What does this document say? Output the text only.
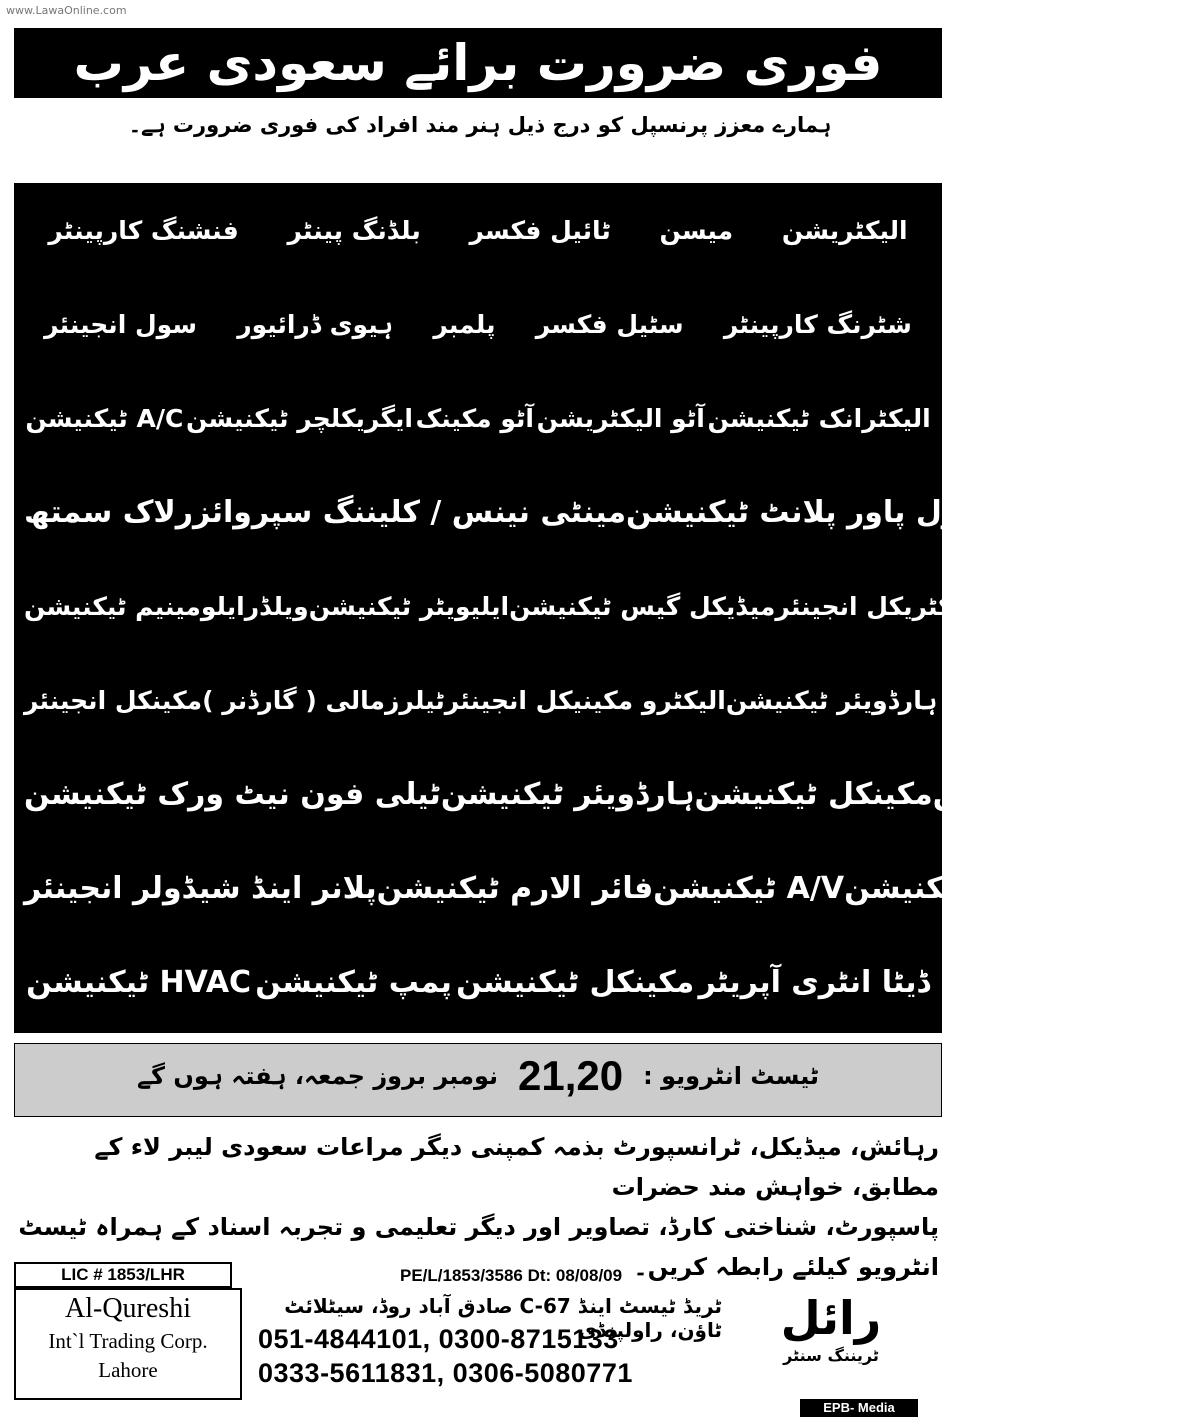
www.LawaOnline.com
فوری ضرورت برائے سعودی عرب
ہمارے معزز پرنسپل کو درج ذیل ہنر مند افراد کی فوری ضرورت ہے۔
الیکٹریشن
میسن
ٹائیل فکسر
بلڈنگ پینٹر
فنشنگ کارپینٹر
شٹرنگ کارپینٹر
سٹیل فکسر
پلمبر
ہیوی ڈرائیور
سول انجینئر
الیکٹرانک ٹیکنیشن
آٹو الیکٹریشن
آٹو مکینک
ایگریکلچر ٹیکنیشن
A/C ٹیکنیشن
پمپ ٹیکنیشن
ڈیزل پاور پلانٹ ٹیکنیشن
مینٹی نینس / کلیننگ سپروائزر
لاک سمتھ
الیکٹریکل انجینئر
میڈیکل گیس ٹیکنیشن
ایلیویٹر ٹیکنیشن
ویلڈر
ایلومینیم ٹیکنیشن
ہارڈویئر ٹیکنیشن
الیکٹرو مکینیکل انجینئر
ٹیلرز
مالی ( گارڈنر )
مکینکل انجینئر
WTPT ٹیکنیشن
مکینکل ٹیکنیشن
ہارڈویئر ٹیکنیشن
ٹیلی فون نیٹ ورک ٹیکنیشن
انسٹرومنٹ ٹیکنیشن
A/V ٹیکنیشن
فائر الارم ٹیکنیشن
پلانر اینڈ شیڈولر انجینئر
ڈیٹا انٹری آپریٹر
مکینکل ٹیکنیشن
پمپ ٹیکنیشن
HVAC ٹیکنیشن
ٹیسٹ انٹرویو :
21,20
نومبر بروز جمعہ، ہفتہ ہوں گے
رہائش، میڈیکل، ٹرانسپورٹ بذمہ کمپنی دیگر مراعات سعودی لیبر لاء کے مطابق، خواہش مند حضرات
پاسپورٹ، شناختی کارڈ، تصاویر اور دیگر تعلیمی و تجربہ اسناد کے ہمراہ ٹیسٹ انٹرویو کیلئے رابطہ کریں۔
LIC # 1853/LHR	PE/L/1853/3586 Dt: 08/08/09
Al-Qureshi
Int`l Trading Corp.
Lahore
ٹریڈ ٹیسٹ اینڈ C-67 صادق آباد روڈ، سیٹلائٹ ٹاؤن، راولپنڈی
051-4844101, 0300-8715133
0333-5611831, 0306-5080771
رائل
ٹریننگ سنٹر
EPB- Media
